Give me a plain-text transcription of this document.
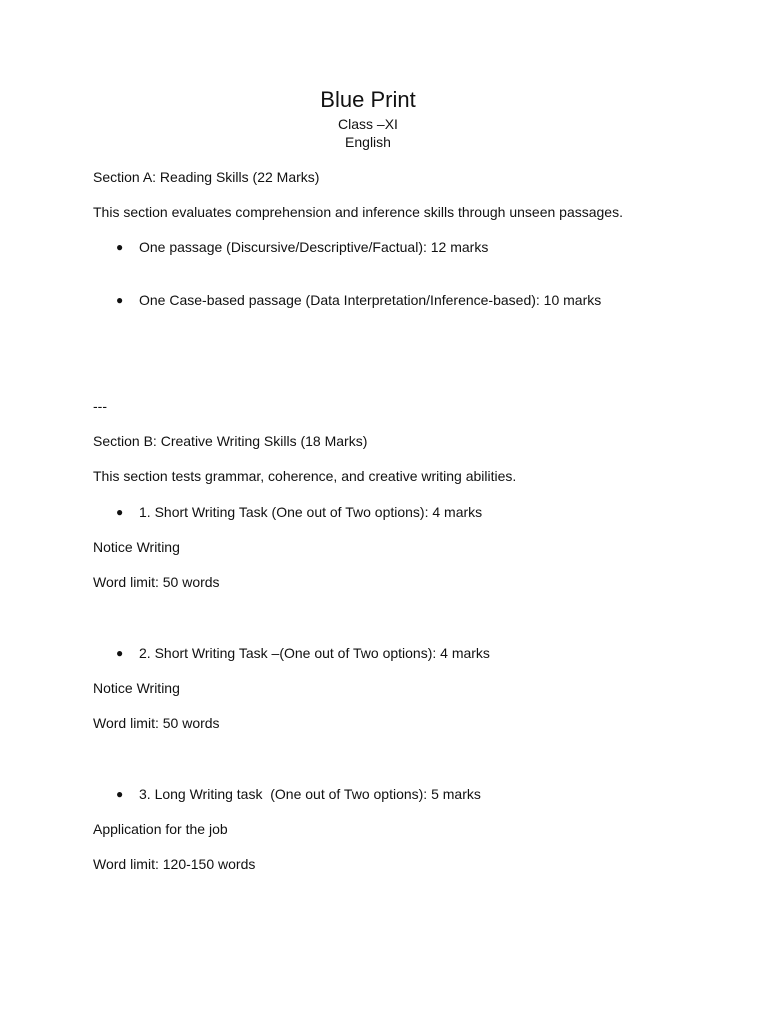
Blue Print
Class –XI
English
Section A: Reading Skills (22 Marks)
This section evaluates comprehension and inference skills through unseen passages.
● One passage (Discursive/Descriptive/Factual): 12 marks
● One Case-based passage (Data Interpretation/Inference-based): 10 marks
---
Section B: Creative Writing Skills (18 Marks)
This section tests grammar, coherence, and creative writing abilities.
● 1. Short Writing Task (One out of Two options): 4 marks
Notice Writing
Word limit: 50 words
● 2. Short Writing Task –(One out of Two options): 4 marks
Notice Writing
Word limit: 50 words
● 3. Long Writing task  (One out of Two options): 5 marks
Application for the job
Word limit: 120-150 words
